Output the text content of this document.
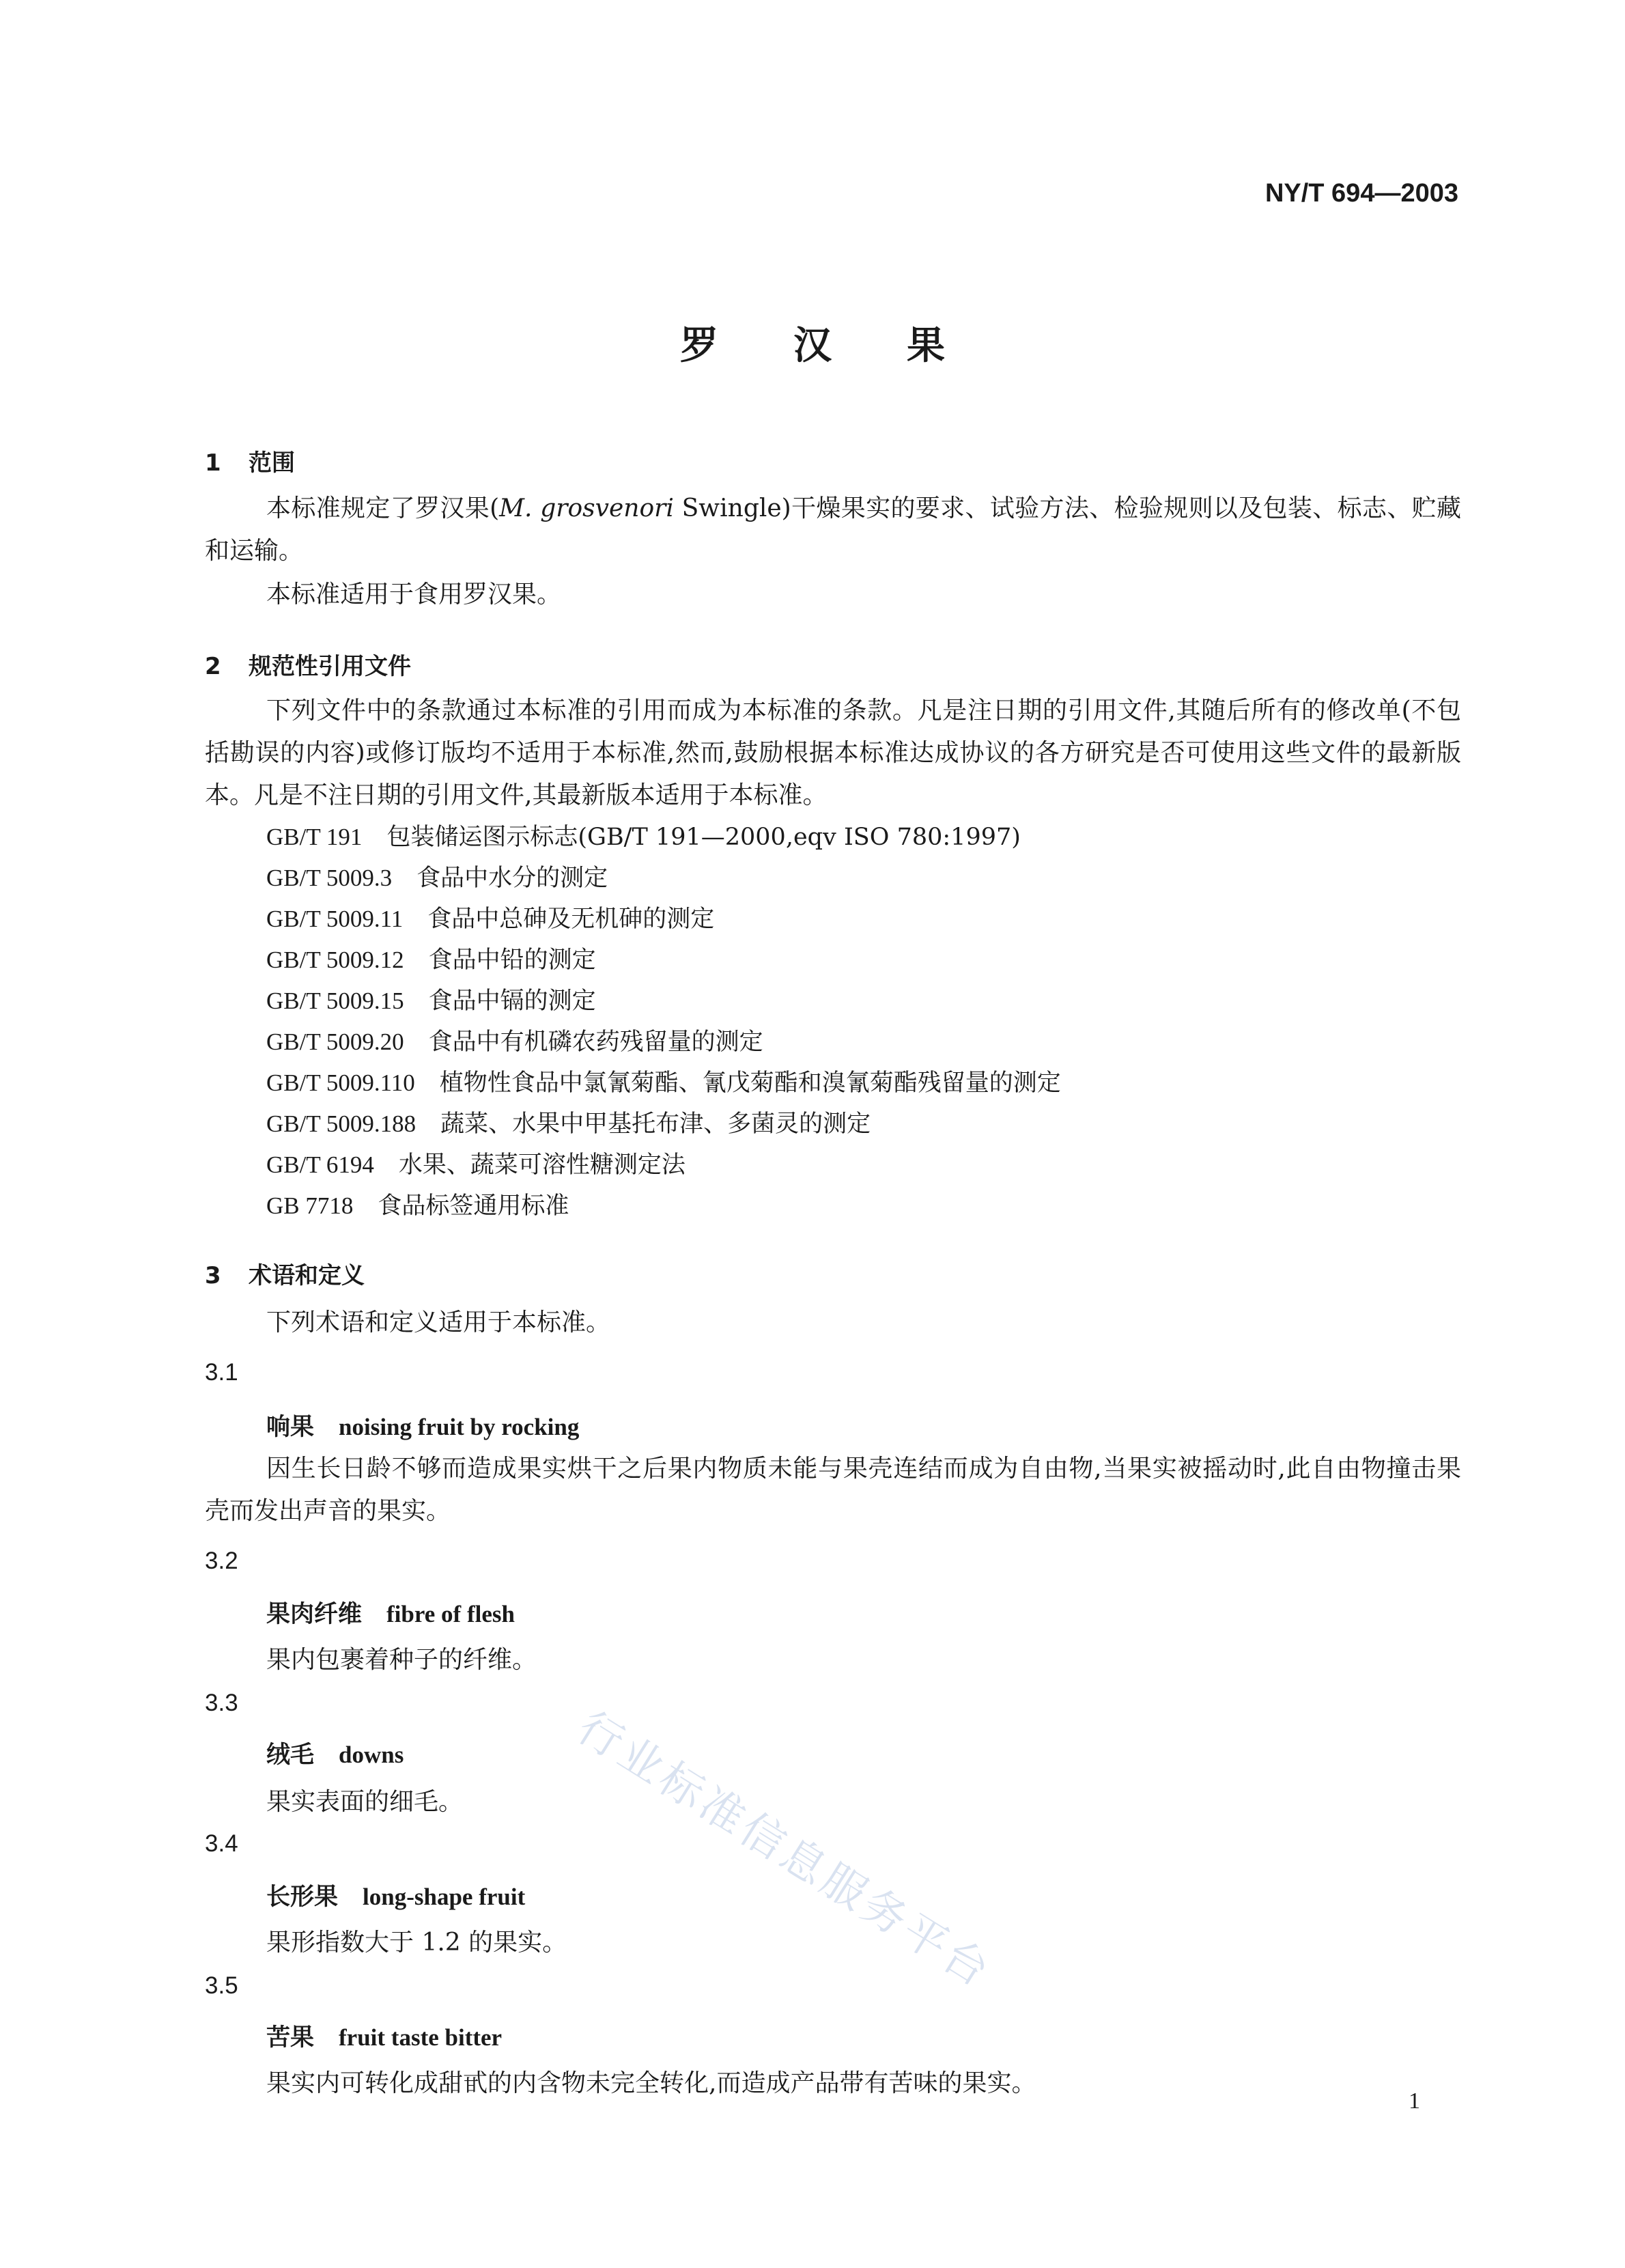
NY/T 694—2003
罗汉果
1 范围
本标准规定了罗汉果(M. grosvenori Swingle)干燥果实的要求、试验方法、检验规则以及包装、标志、贮藏和运输。
本标准适用于食用罗汉果。
2 规范性引用文件
下列文件中的条款通过本标准的引用而成为本标准的条款。凡是注日期的引用文件,其随后所有的修改单(不包括勘误的内容)或修订版均不适用于本标准,然而,鼓励根据本标准达成协议的各方研究是否可使用这些文件的最新版本。凡是不注日期的引用文件,其最新版本适用于本标准。
GB/T 191 包装储运图示标志(GB/T 191—2000,eqv ISO 780:1997)
GB/T 5009.3 食品中水分的测定
GB/T 5009.11 食品中总砷及无机砷的测定
GB/T 5009.12 食品中铅的测定
GB/T 5009.15 食品中镉的测定
GB/T 5009.20 食品中有机磷农药残留量的测定
GB/T 5009.110 植物性食品中氯氰菊酯、氰戊菊酯和溴氰菊酯残留量的测定
GB/T 5009.188 蔬菜、水果中甲基托布津、多菌灵的测定
GB/T 6194 水果、蔬菜可溶性糖测定法
GB 7718 食品标签通用标准
3 术语和定义
下列术语和定义适用于本标准。
3.1
响果 noising fruit by rocking
因生长日龄不够而造成果实烘干之后果内物质未能与果壳连结而成为自由物,当果实被摇动时,此自由物撞击果壳而发出声音的果实。
3.2
果肉纤维 fibre of flesh
果内包裹着种子的纤维。
3.3
绒毛 downs
果实表面的细毛。
3.4
长形果 long-shape fruit
果形指数大于 1.2 的果实。
3.5
苦果 fruit taste bitter
果实内可转化成甜甙的内含物未完全转化,而造成产品带有苦味的果实。
行业标准信息服务平台
1
